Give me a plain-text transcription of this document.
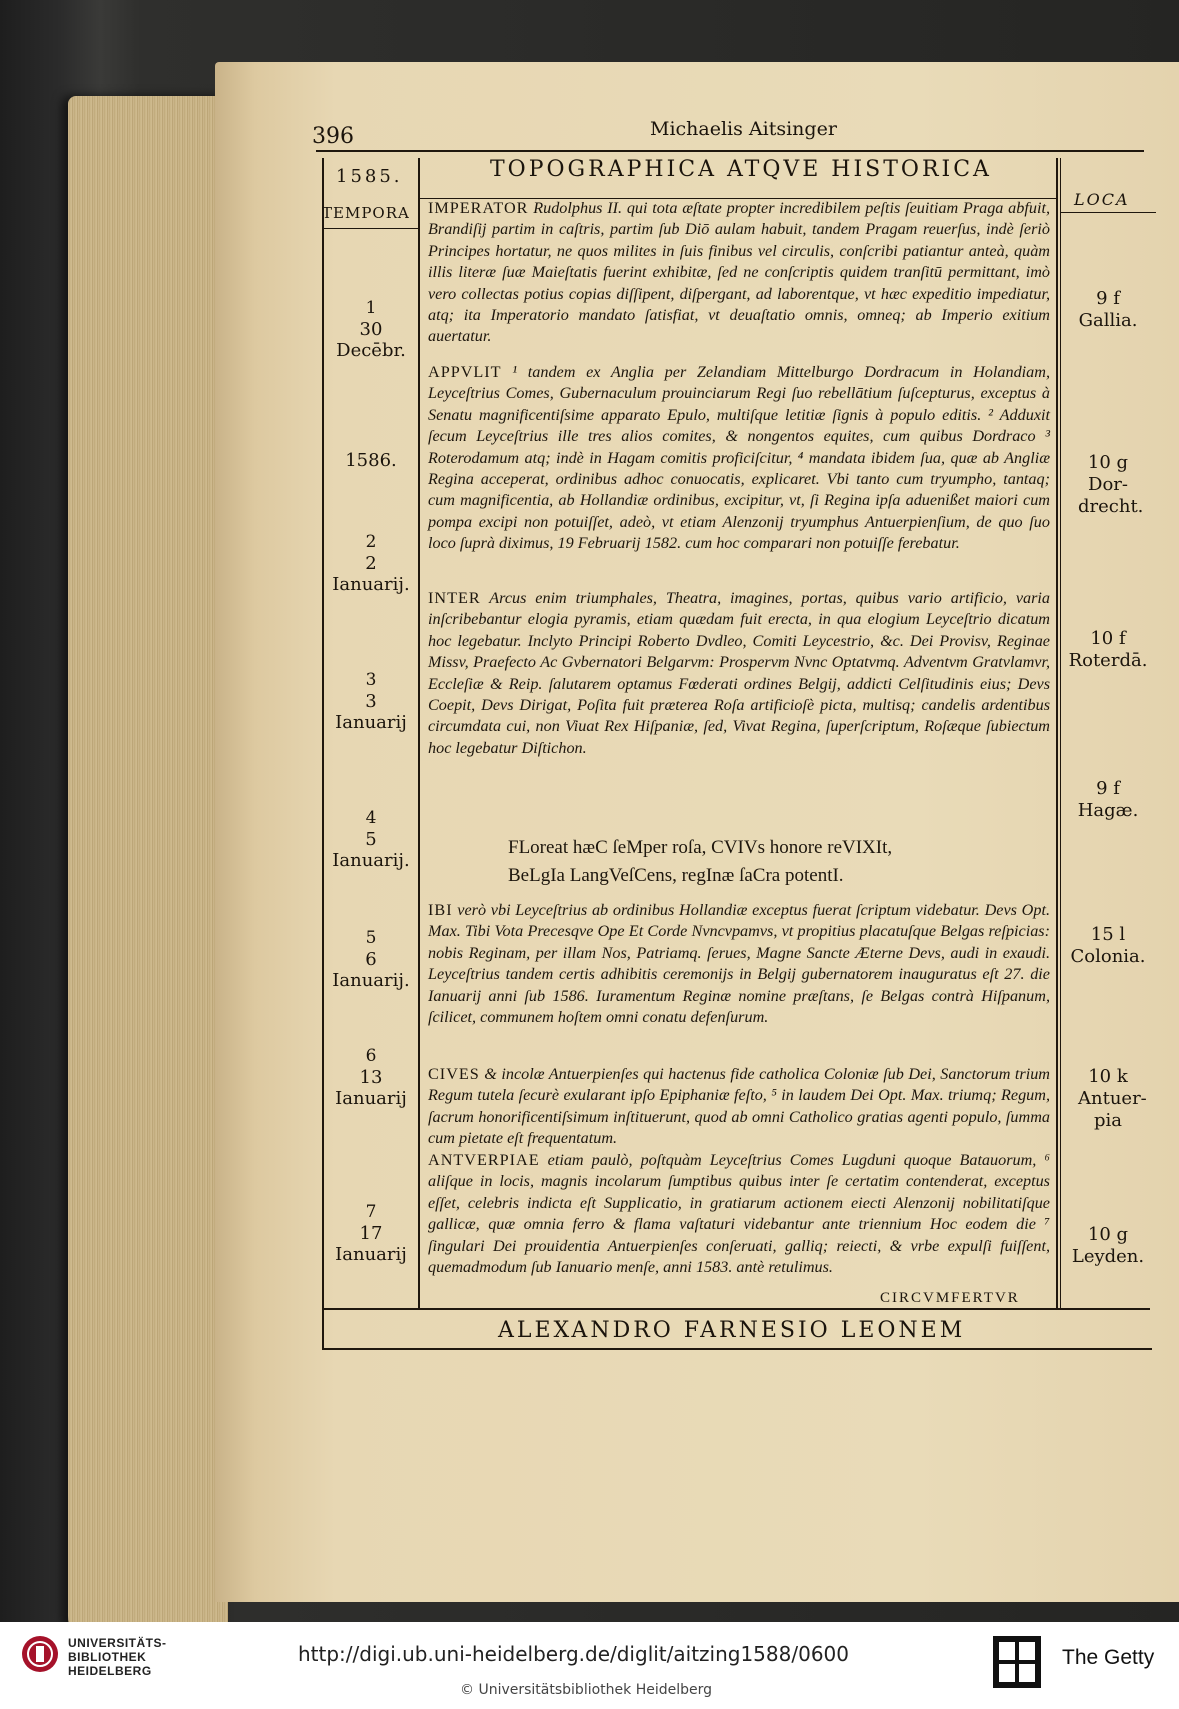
396	Michaelis Aitsinger
1585.	TOPOGRAPHICA ATQVE HISTORICA
TEMPORA
LOCA
1
30 Decēbr.
1586.
2
2 Ianuarij.
3
3 Ianuarij
4
5 Ianuarij.
5
6 Ianuarij.
6
13 Ianuarij
7
17 Ianuarij
9 f
Gallia.
10 g
Dor-drecht.
10 f
Roterdā.
9 f
Hagæ.
15 l
Colonia.
10 k
Antuer-pia
10 g
Leyden.

IMPERATOR Rudolphus II. qui tota æſtate propter incredibilem peſtis ſeuitiam Praga abfuit, Brandiſij partim in caſtris, partim ſub Diō aulam habuit, tandem Pragam reuerſus, indè ſeriò Principes hortatur, ne quos milites in ſuis finibus vel circulis, conſcribi patiantur anteà, quàm illis literæ ſuæ Maieſtatis fuerint exhibitæ, ſed ne conſcriptis quidem tranſitū permittant, imò vero collectas potius copias diſſipent, diſpergant, ad laborentque, vt hæc expeditio impediatur, atq; ita Imperatorio mandato ſatisfiat, vt deuaſtatio omnis, omneq; ab Imperio exitium auertatur.

APPVLIT ¹ tandem ex Anglia per Zelandiam Mittelburgo Dordracum in Holandiam, Leyceſtrius Comes, Gubernaculum prouinciarum Regi ſuo rebellātium ſuſcepturus, exceptus à Senatu magnificentiſsime apparato Epulo, multiſque letitiæ ſignis à populo editis. ² Adduxit ſecum Leyceſtrius ille tres alios comites, & nongentos equites, cum quibus Dordraco ³ Roterodamum atq; indè in Hagam comitis proficiſcitur, ⁴ mandata ibidem ſua, quæ ab Angliæ Regina acceperat, ordinibus adhoc conuocatis, explicaret. Vbi tanto cum tryumpho, tantaq; cum magnificentia, ab Hollandiæ ordinibus, excipitur, vt, ſi Regina ipſa aduenißet maiori cum pompa excipi non potuiſſet, adeò, vt etiam Alenzonij tryumphus Antuerpienſium, de quo ſuo loco ſuprà diximus, 19 Februarij 1582. cum hoc comparari non potuiſſe ferebatur.

INTER Arcus enim triumphales, Theatra, imagines, portas, quibus vario artificio, varia inſcribebantur elogia pyramis, etiam quædam fuit erecta, in qua elogium Leyceſtrio dicatum hoc legebatur. Inclyto Principi Roberto Dvdleo, Comiti Leycestrio, &c. Dei Provisv, Reginae Missv, Praefecto Ac Gvbernatori Belgarvm: Prospervm Nvnc Optatvmq. Adventvm Gratvlamvr, Eccleſiæ & Reip. ſalutarem optamus Fœderati ordines Belgij, addicti Celſitudinis eius; Devs Coepit, Devs Dirigat, Poſita fuit præterea Roſa artificioſè picta, multisq; candelis ardentibus circumdata cui, non Viuat Rex Hiſpaniæ, ſed, Vivat Regina, ſuperſcriptum, Roſæque ſubiectum hoc legebatur Diſtichon.

FLoreat hæC ſeMper roſa, CVIVs honore reVIXIt,
BeLgIa LangVeſCens, regInæ ſaCra potentI.

IBI verò vbi Leyceſtrius ab ordinibus Hollandiæ exceptus fuerat ſcriptum videbatur. Devs Opt. Max. Tibi Vota Precesqve Ope Et Corde Nvncvpamvs, vt propitius placatuſque Belgas reſpicias: nobis Reginam, per illam Nos, Patriamq. ſerues, Magne Sancte Æterne Devs, audi in exaudi. Leyceſtrius tandem certis adhibitis ceremonijs in Belgij gubernatorem inauguratus eſt 27. die Ianuarij anni ſub 1586. Iuramentum Reginæ nomine præſtans, ſe Belgas contrà Hiſpanum, ſcilicet, communem hoſtem omni conatu defenſurum.

CIVES & incolæ Antuerpienſes qui hactenus fide catholica Coloniæ ſub Dei, Sanctorum trium Regum tutela ſecurè exularant ipſo Epiphaniæ feſto, ⁵ in laudem Dei Opt. Max. triumq; Regum, ſacrum honorificentiſsimum inſtituerunt, quod ab omni Catholico gratias agenti populo, ſumma cum pietate eſt frequentatum.

ANTVERPIAE etiam paulò, poſtquàm Leyceſtrius Comes Lugduni quoque Batauorum, ⁶ aliſque in locis, magnis incolarum ſumptibus quibus inter ſe certatim contenderat, exceptus eſſet, celebris indicta eſt Supplicatio, in gratiarum actionem eiecti Alenzonij nobilitatiſque gallicæ, quæ omnia ferro & flama vaſtaturi videbantur ante triennium Hoc eodem die ⁷ ſingulari Dei prouidentia Antuerpienſes conſeruati, galliq; reiecti, & vrbe expulſi fuiſſent, quemadmodum ſub Ianuario menſe, anni 1583. antè retulimus.

CIRCVMFERTVR
ALEXANDRO FARNESIO LEONEM
UNIVERSITÄTS-
BIBLIOTHEK
HEIDELBERG
http://digi.ub.uni-heidelberg.de/diglit/aitzing1588/0600
© Universitätsbibliothek Heidelberg
The Getty
